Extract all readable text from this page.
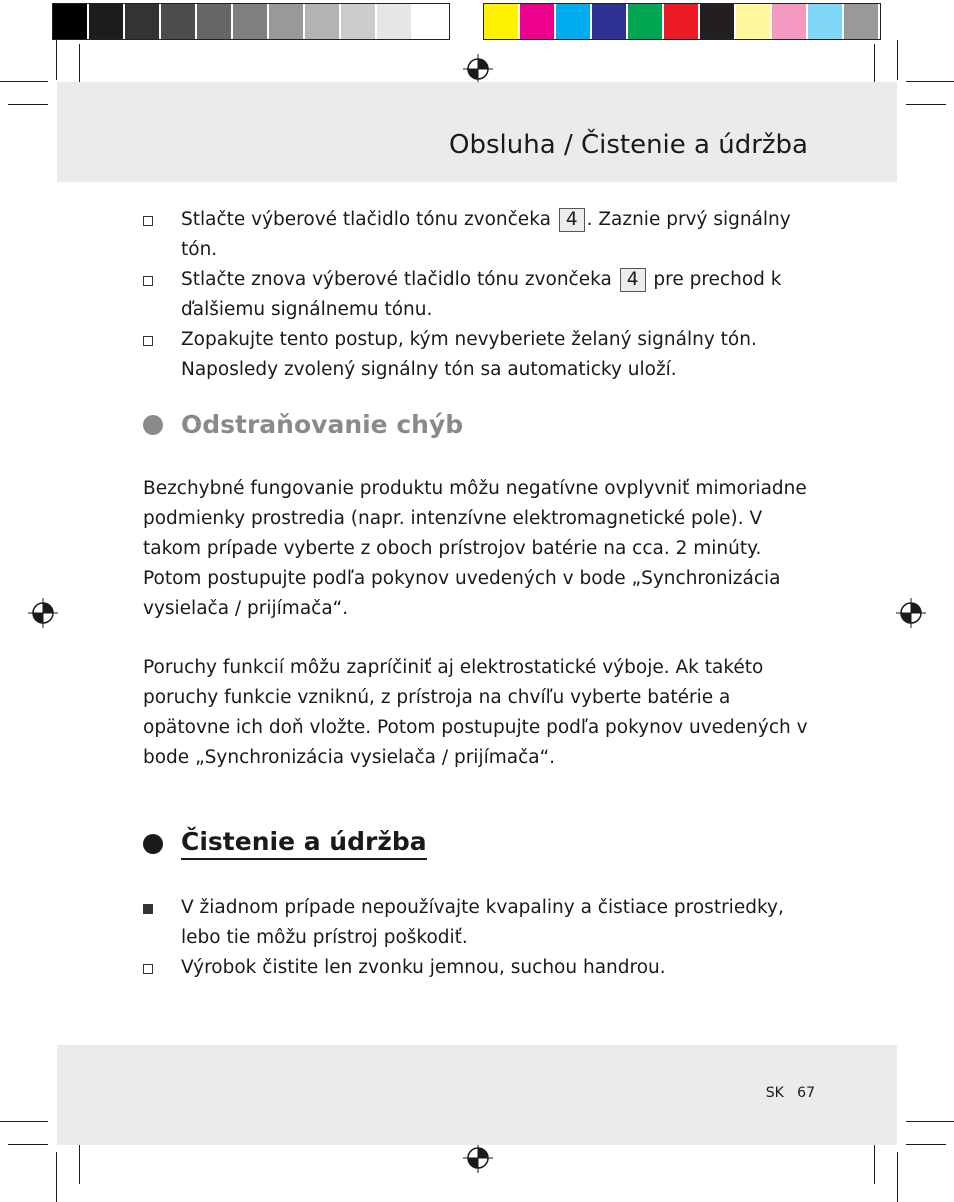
Obsluha / Čistenie a údržba
Stlačte výberové tlačidlo tónu zvončeka 4 . Zaznie prvý signálny tón.
Stlačte znova výberové tlačidlo tónu zvončeka 4 pre prechod k ďalšiemu signálnemu tónu.
Zopakujte tento postup, kým nevyberiete želaný signálny tón. Naposledy zvolený signálny tón sa automaticky uloží.
Odstraňovanie chýb

Bezchybné fungovanie produktu môžu negatívne ovplyvniť mimoriadne podmienky prostredia (napr. intenzívne elektromagnetické pole). V takom prípade vyberte z oboch prístrojov batérie na cca. 2 minúty. Potom postupujte podľa pokynov uvedených v bode „Synchronizácia vysielača / prijímača“.

Poruchy funkcií môžu zapríčiniť aj elektrostatické výboje. Ak takéto poruchy funkcie vzniknú, z prístroja na chvíľu vyberte batérie a opätovne ich doň vložte. Potom postupujte podľa pokynov uvedených v bode „Synchronizácia vysielača / prijímača“.

Čistenie a údržba
V žiadnom prípade nepoužívajte kvapaliny a čistiace prostriedky, lebo tie môžu prístroj poškodiť.
Výrobok čistite len zvonku jemnou, suchou handrou.
SK 67
